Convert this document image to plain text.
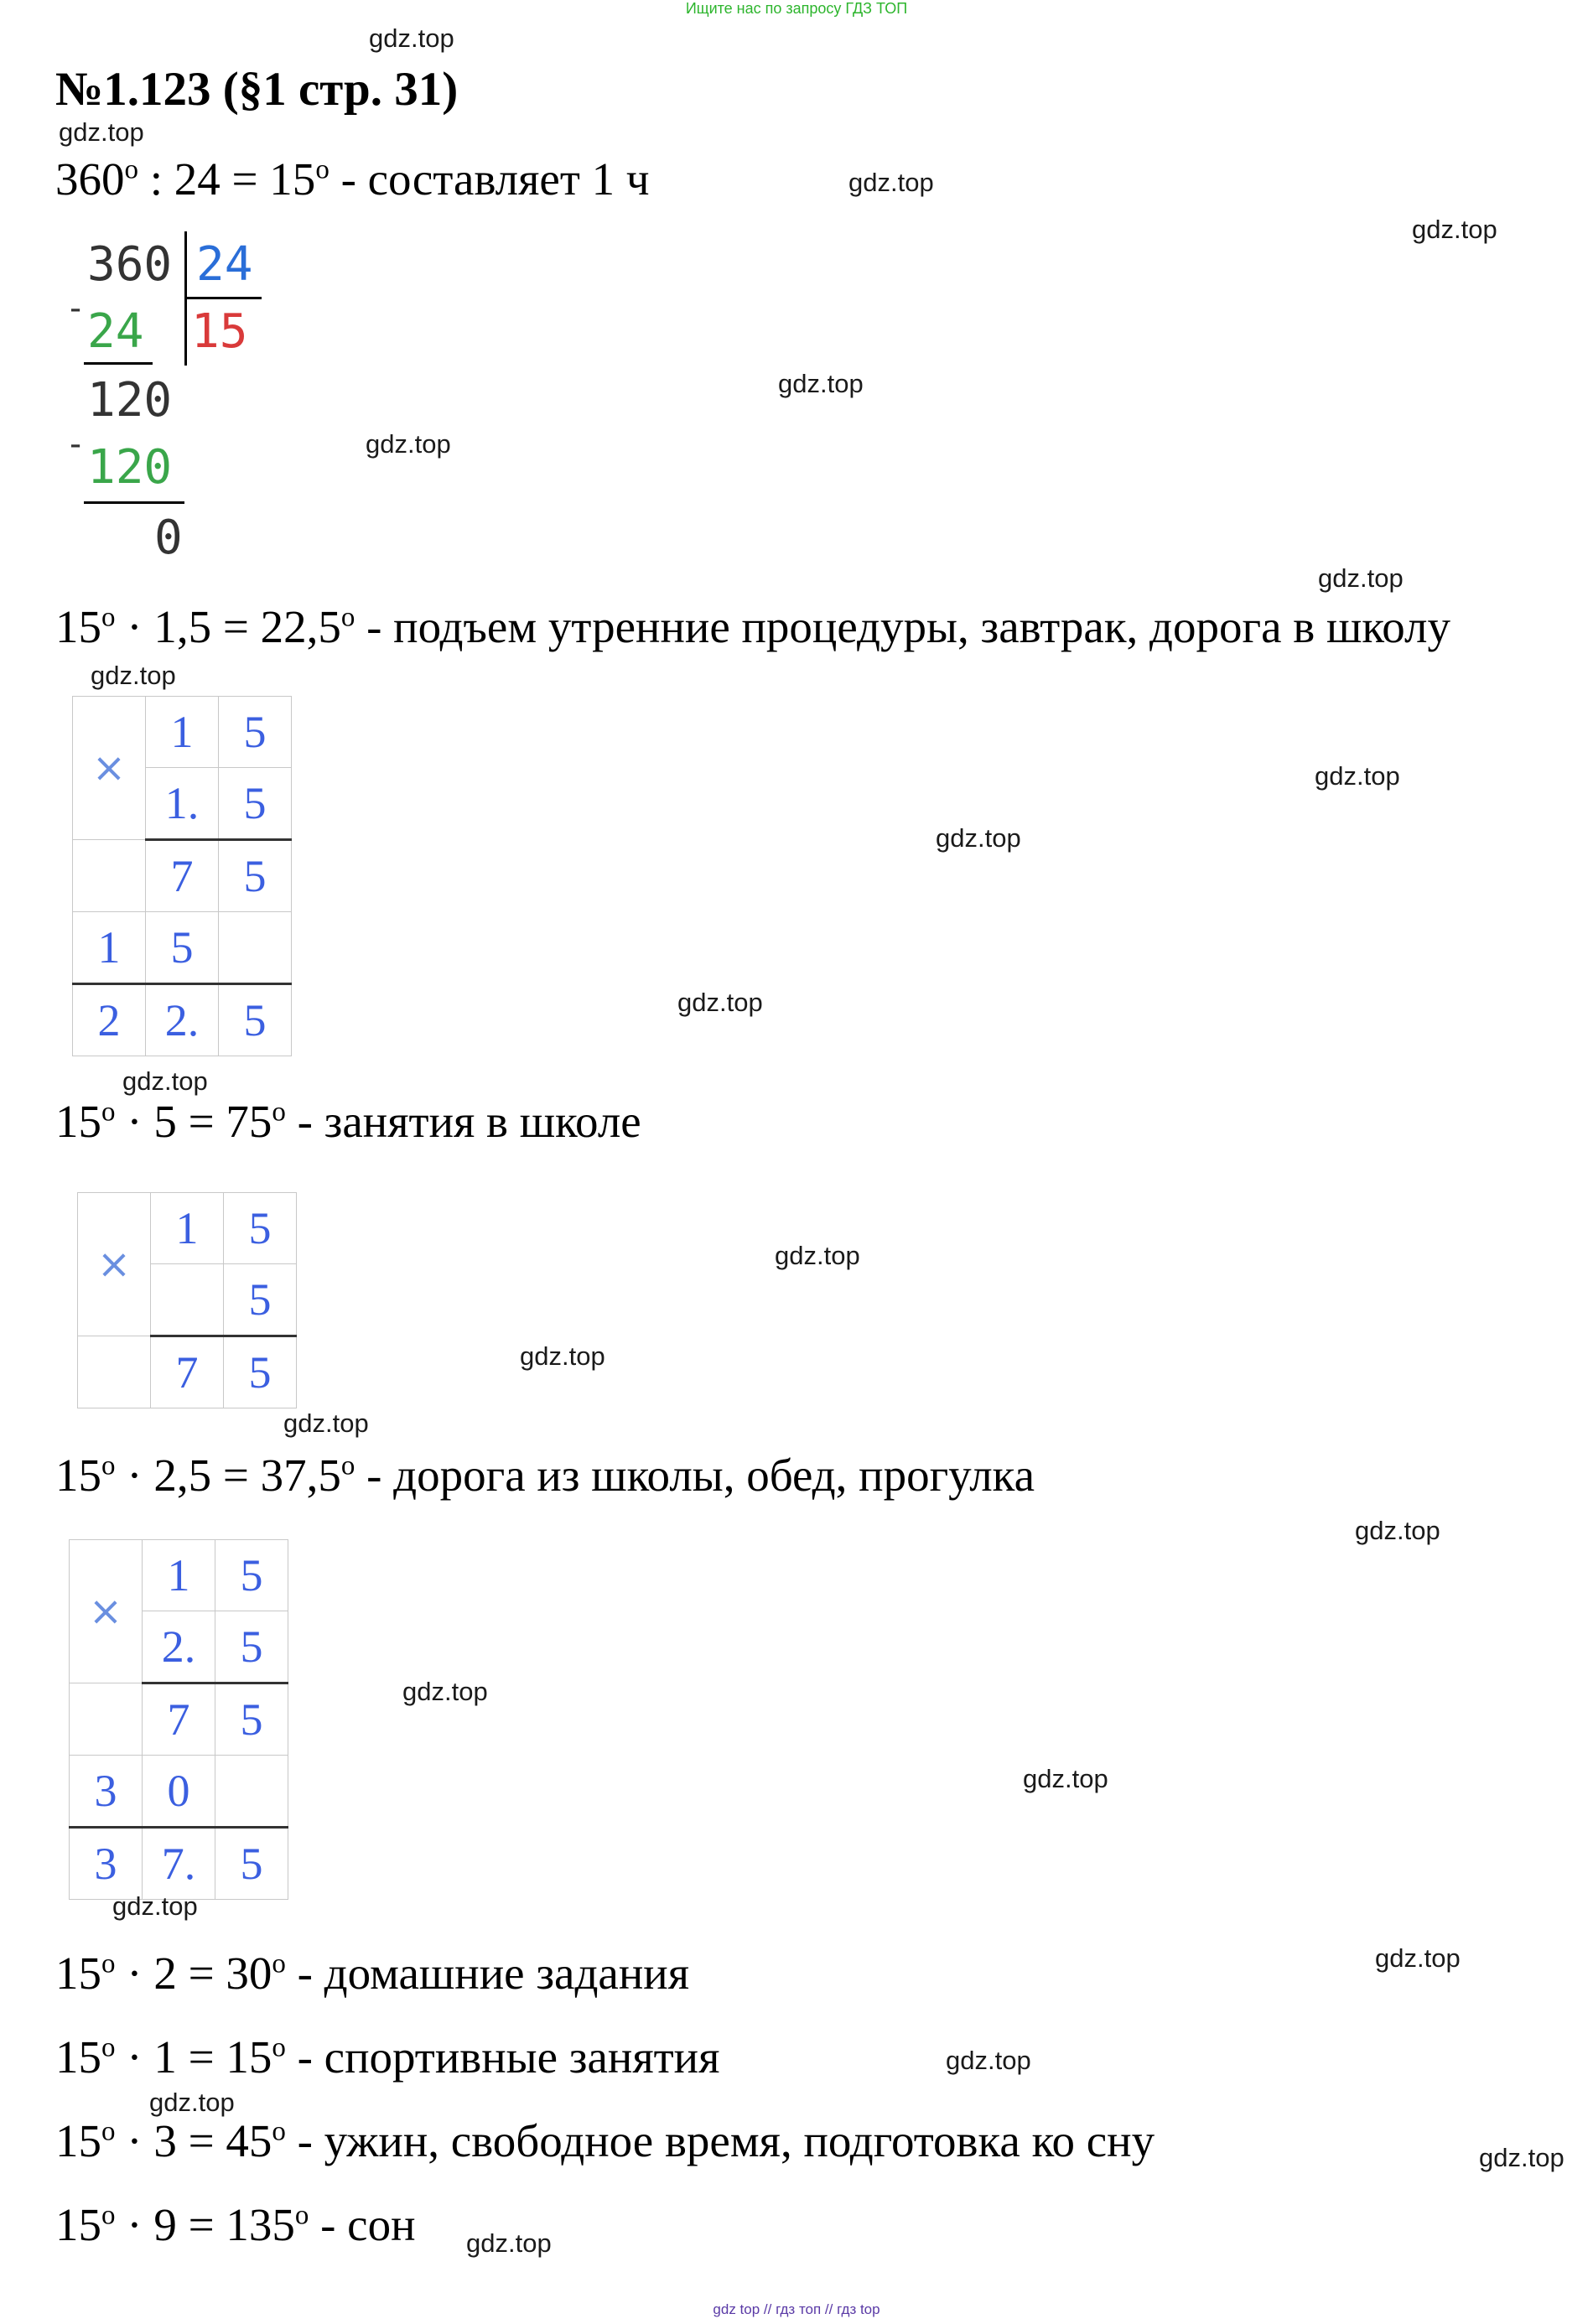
Ищите нас по запросу ГДЗ ТОП
gdz top // гдз топ // гдз top
№1.123 (§1 стр. 31)
360$^o$ : $24 = 15^o$ - составляет 1 ч
360 24
- 24 15
120
- 120
0
$15^o \cdot 1,5 = 22,5^o$ - подъем утренние процедуры, завтрак, дорога в школу
×	1	5
	1.	5
	7	5
1	5	
2	2.	5
$15^o \cdot 5 = 75^o$ - занятия в школе
×	1	5
		5
	7	5
$15^o \cdot 2,5 = 37,5^o$ - дорога из школы, обед, прогулка
×	1	5
	2.	5
	7	5
3	0	
3	7.	5
$15^o \cdot 2 = 30^o$ - домашние задания
$15^o \cdot 1 = 15^o$ - спортивные занятия
$15^o \cdot 3 = 45^o$ - ужин, свободное время, подготовка ко сну
$15^o \cdot 9 = 135^o$ - сон
gdz.top
gdz.top
gdz.top
gdz.top
gdz.top
gdz.top
gdz.top
gdz.top
gdz.top
gdz.top
gdz.top
gdz.top
gdz.top
gdz.top
gdz.top
gdz.top
gdz.top
gdz.top
gdz.top
gdz.top
gdz.top
gdz.top
gdz.top
gdz.top
